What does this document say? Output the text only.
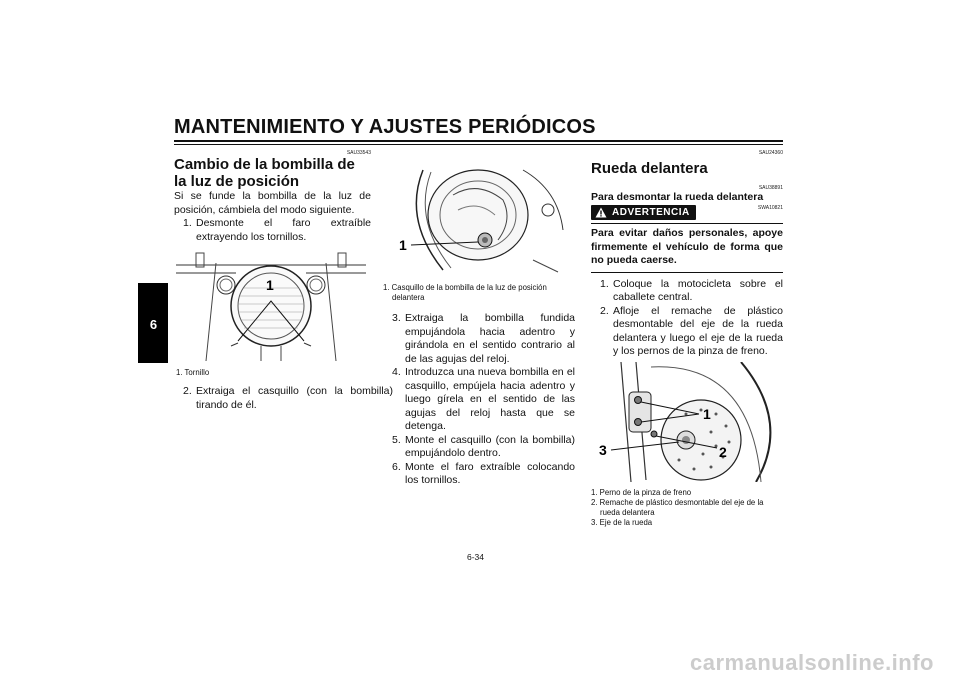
MANTENIMIENTO Y AJUSTES PERIÓDICOS
6
SAU33543
Cambio de la bombilla de la luz de posición
Si se funde la bombilla de la luz de posición, cámbiela del modo siguiente.
1. Desmonte el faro extraíble extrayendo los tornillos.
1
1. Tornillo
2. Extraiga el casquillo (con la bombilla) tirando de él.
1
1. Casquillo de la bombilla de la luz de posición delantera
3. Extraiga la bombilla fundida empujándola hacia adentro y girándola en el sentido contrario al de las agujas del reloj.
4. Introduzca una nueva bombilla en el casquillo, empújela hacia adentro y luego gírela en el sentido de las agujas del reloj hasta que se detenga.
5. Monte el casquillo (con la bombilla) empujándolo dentro.
6. Monte el faro extraíble colocando los tornillos.
SAU24360
Rueda delantera
SAU38891
Para desmontar la rueda delantera
ADVERTENCIA	SWA10821
Para evitar daños personales, apoye firmemente el vehículo de forma que no pueda caerse.
1. Coloque la motocicleta sobre el caballete central.
2. Afloje el remache de plástico desmontable del eje de la rueda delantera y luego el eje de la rueda y los pernos de la pinza de freno.
1
2
3
1. Perno de la pinza de freno
2. Remache de plástico desmontable del eje de la rueda delantera
3. Eje de la rueda
6-34
carmanualsonline.info
